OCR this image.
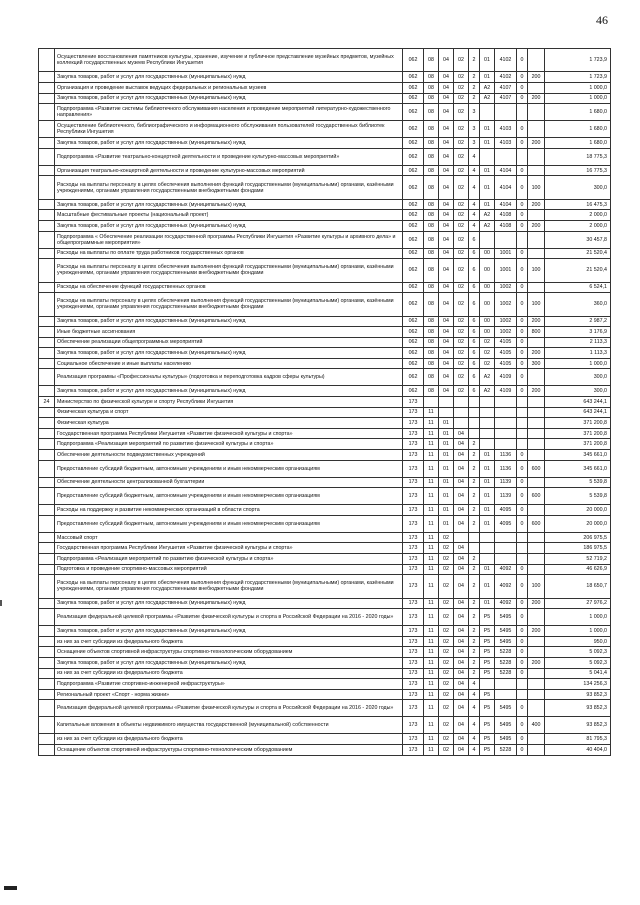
46
	Осуществление восстановления памятников культуры, хранение, изучение и публичное представление музейных предметов, музейных коллекций государственных музеев Республики Ингушетия	062	08	04	02	2	01	4102	0		1 723,9
	Закупка товаров, работ и услуг для государственных (муниципальных) нужд	062	08	04	02	2	01	4102	0	200	1 723,9
	Организация и проведение выставок ведущих федеральных и региональных музеев	062	08	04	02	2	A2	4107	0		1 000,0
	Закупка товаров, работ и услуг для государственных (муниципальных) нужд	062	08	04	02	2	A2	4107	0	200	1 000,0
	Подпрограмма «Развитие системы библиотечного обслуживания населения и проведение мероприятий литературно-художественного направления»	062	08	04	02	3					1 680,0
	Осуществление библиотечного, библиографического и информационного обслуживания пользователей государственных библиотек Республики Ингушетия	062	08	04	02	3	01	4103	0		1 680,0
	Закупка товаров, работ и услуг для государственных (муниципальных) нужд	062	08	04	02	3	01	4103	0	200	1 680,0
	Подпрограмма «Развитие театрально-концертной деятельности и проведение культурно-массовых мероприятий»	062	08	04	02	4					18 775,3
	Организация театрально-концертной деятельности и проведение культурно-массовых мероприятий	062	08	04	02	4	01	4104	0		16 775,3
	Расходы на выплаты персоналу в целях обеспечения выполнения функций государственными (муниципальными) органами, казёнными учреждениями, органами управления государственными внебюджетными фондами	062	08	04	02	4	01	4104	0	100	300,0
	Закупка товаров, работ и услуг для государственных (муниципальных) нужд	062	08	04	02	4	01	4104	0	200	16 475,3
	Масштабные фестивальные проекты (национальный проект)	062	08	04	02	4	A2	4108	0		2 000,0
	Закупка товаров, работ и услуг для государственных (муниципальных) нужд	062	08	04	02	4	A2	4108	0	200	2 000,0
	Подпрограмма « Обеспечение реализации государственной программы Республики Ингушетия «Развитие культуры и архивного дела» и общепрограммные мероприятия»	062	08	04	02	6					30 457,8
	Расходы на выплаты по оплате труда работников государственных органов	062	08	04	02	6	00	1001	0		21 520,4
	Расходы на выплаты персоналу в целях обеспечения выполнения функций государственными (муниципальными) органами, казёнными учреждениями, органами управления государственными внебюджетными фондами	062	08	04	02	6	00	1001	0	100	21 520,4
	Расходы на обеспечение функций государственных органов	062	08	04	02	6	00	1002	0		6 524,1
	Расходы на выплаты персоналу в целях обеспечения выполнения функций государственными (муниципальными) органами, казёнными учреждениями, органами управления государственными внебюджетными фондами	062	08	04	02	6	00	1002	0	100	360,0
	Закупка товаров, работ и услуг для государственных (муниципальных) нужд	062	08	04	02	6	00	1002	0	200	2 987,2
	Иные бюджетные ассигнования	062	08	04	02	6	00	1002	0	800	3 176,9
	Обеспечение реализации общепрограммных мероприятий	062	08	04	02	6	02	4105	0		2 113,3
	Закупка товаров, работ и услуг для государственных (муниципальных) нужд	062	08	04	02	6	02	4105	0	200	1 113,3
	Социальное обеспечение и иные выплаты населению	062	08	04	02	6	02	4105	0	300	1 000,0
	Реализация программы «Профессионалы культуры» (подготовка и переподготовка кадров сферы культуры)	062	08	04	02	6	A2	4109	0		300,0
	Закупка товаров, работ и услуг для государственных (муниципальных) нужд	062	08	04	02	6	A2	4109	0	200	300,0
24	Министерство по физической культуре и спорту Республики Ингушетия	173									643 244,1
	Физическая культура и спорт	173	11								643 244,1
	Физическая культура	173	11	01							371 200,8
	Государственная программа Республики Ингушетия «Развитие физической культуры и спорта»	173	11	01	04						371 200,8
	Подпрограмма «Реализация мероприятий по развитию физической культуры и спорта»	173	11	01	04	2					371 200,8
	Обеспечение деятельности подведомственных учреждений	173	11	01	04	2	01	1136	0		345 661,0
	Предоставление субсидий бюджетным, автономным учреждениям и иным некоммерческим организациям	173	11	01	04	2	01	1136	0	600	345 661,0
	Обеспечение деятельности централизованной бухгалтерии	173	11	01	04	2	01	1139	0		5 539,8
	Предоставление субсидий бюджетным, автономным учреждениям и иным некоммерческим организациям	173	11	01	04	2	01	1139	0	600	5 539,8
	Расходы на поддержку и развитие некоммерческих организаций в области спорта	173	11	01	04	2	01	4095	0		20 000,0
	Предоставление субсидий бюджетным, автономным учреждениям и иным некоммерческим организациям	173	11	01	04	2	01	4095	0	600	20 000,0
	Массовый спорт	173	11	02							206 975,5
	Государственная программа Республики Ингушетия «Развитие физической культуры и спорта»	173	11	02	04						186 975,5
	Подпрограмма «Реализация мероприятий по развитию физической культуры и спорта»	173	11	02	04	2					52 719,2
	Подготовка и проведение спортивно-массовых мероприятий	173	11	02	04	2	01	4092	0		46 626,9
	Расходы на выплаты персоналу в целях обеспечения выполнения функций государственными (муниципальными) органами, казёнными учреждениями, органами управления государственными внебюджетными фондами	173	11	02	04	2	01	4092	0	100	18 650,7
	Закупка товаров, работ и услуг для государственных (муниципальных) нужд	173	11	02	04	2	01	4092	0	200	27 976,2
	Реализация федеральной целевой программы «Развитие физической культуры и спорта в Российской Федерации на 2016 - 2020 годы»	173	11	02	04	2	P5	5495	0		1 000,0
	Закупка товаров, работ и услуг для государственных (муниципальных) нужд	173	11	02	04	2	P5	5495	0	200	1 000,0
	из них за счет субсидии из федерального бюджета	173	11	02	04	2	P5	5495	0		950,0
	Оснащение объектов спортивной инфраструктуры спортивно-технологическим оборудованием	173	11	02	04	2	P5	5228	0		5 092,3
	Закупка товаров, работ и услуг для государственных (муниципальных) нужд	173	11	02	04	2	P5	5228	0	200	5 092,3
	из них за счет субсидии из федерального бюджета	173	11	02	04	2	P5	5228	0		5 041,4
	Подпрограмма «Развитие спортивно-инженерной инфраструктуры»	173	11	02	04	4					134 256,3
	Региональный проект «Спорт - норма жизни»	173	11	02	04	4	P5				93 852,3
	Реализация федеральной целевой программы «Развитие физической культуры и спорта в Российской Федерации на 2016 - 2020 годы»	173	11	02	04	4	P5	5495	0		93 852,3
	Капитальные вложения в объекты недвижимого имущества государственной (муниципальной) собственности	173	11	02	04	4	P5	5495	0	400	93 852,3
	из них за счет субсидии из федерального бюджета	173	11	02	04	4	P5	5495	0		81 795,3
	Оснащение объектов спортивной инфраструктуры спортивно-технологическим оборудованием	173	11	02	04	4	P5	5228	0		40 404,0
